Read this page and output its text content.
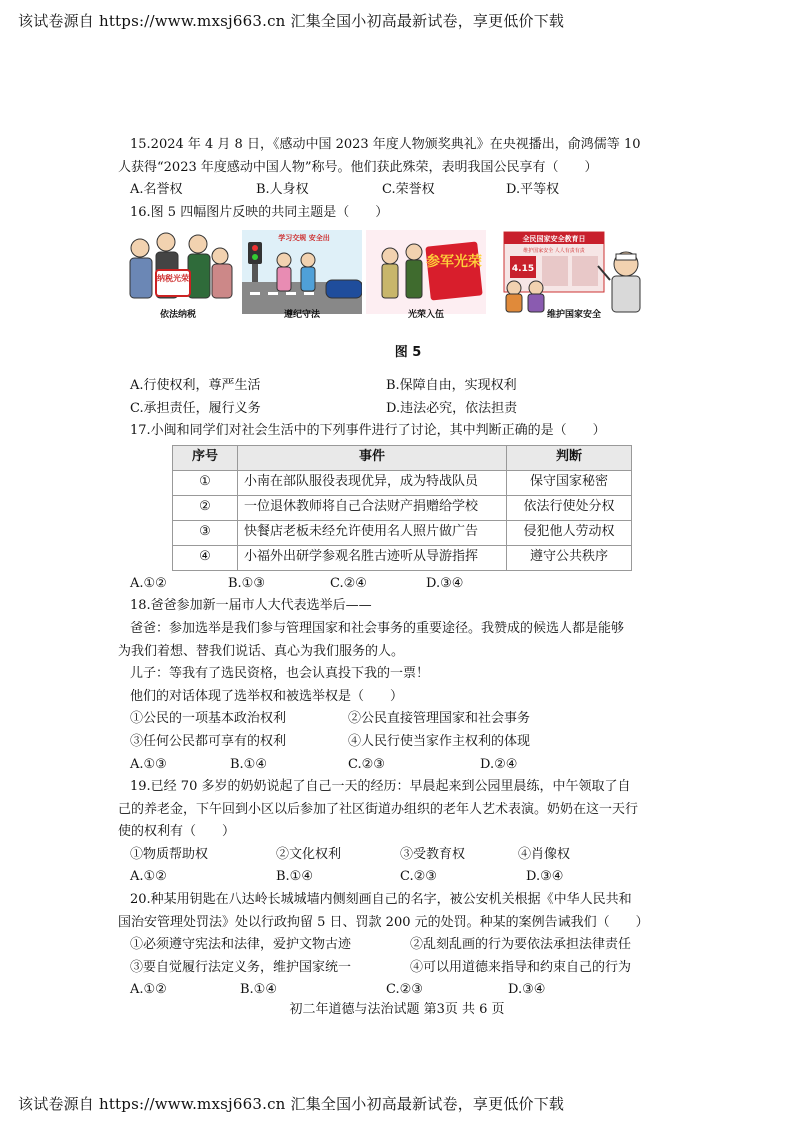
该试卷源自 https://www.mxsj663.cn 汇集全国小初高最新试卷，享更低价下载
15.2024 年 4 月 8 日，《感动中国 2023 年度人物颁奖典礼》在央视播出，俞鸿儒等 10
人获得“2023 年度感动中国人物”称号。他们获此殊荣，表明我国公民享有（　　）
A.名誉权	B.人身权	C.荣誉权	D.平等权
16.图 5 四幅图片反映的共同主题是（　　）
纳税光荣
依法纳税
学习交规 安全出
遵纪守法
参军光荣
光荣入伍
全民国家安全教育日
维护国家安全 人人有责有责
4.15
维护国家安全
图 5
A.行使权利，尊严生活	B.保障自由，实现权利
C.承担责任，履行义务	D.违法必究，依法担责
17.小闽和同学们对社会生活中的下列事件进行了讨论，其中判断正确的是（　　）
序号	事件	判断
①	小南在部队服役表现优异，成为特战队员	保守国家秘密
②	一位退休教师将自己合法财产捐赠给学校	依法行使处分权
③	快餐店老板未经允许使用名人照片做广告	侵犯他人劳动权
④	小福外出研学参观名胜古迹听从导游指挥	遵守公共秩序
A.①②	B.①③	C.②④	D.③④
18.爸爸参加新一届市人大代表选举后——
爸爸：参加选举是我们参与管理国家和社会事务的重要途径。我赞成的候选人都是能够
为我们着想、替我们说话、真心为我们服务的人。
儿子：等我有了选民资格，也会认真投下我的一票！
他们的对话体现了选举权和被选举权是（　　）
①公民的一项基本政治权利	②公民直接管理国家和社会事务
③任何公民都可享有的权利	④人民行使当家作主权利的体现
A.①③	B.①④	C.②③	D.②④
19.已经 70 多岁的奶奶说起了自己一天的经历：早晨起来到公园里晨练，中午领取了自
己的养老金，下午回到小区以后参加了社区街道办组织的老年人艺术表演。奶奶在这一天行
使的权利有（　　）
①物质帮助权	②文化权利	③受教育权	④肖像权
A.①②	B.①④	C.②③	D.③④
20.种某用钥匙在八达岭长城城墙内侧刻画自己的名字，被公安机关根据《中华人民共和
国治安管理处罚法》处以行政拘留 5 日、罚款 200 元的处罚。种某的案例告诫我们（　　）
①必须遵守宪法和法律，爱护文物古迹	②乱刻乱画的行为要依法承担法律责任
③要自觉履行法定义务，维护国家统一	④可以用道德来指导和约束自己的行为
A.①②	B.①④	C.②③	D.③④
初二年道德与法治试题 第3页 共 6 页
该试卷源自 https://www.mxsj663.cn 汇集全国小初高最新试卷，享更低价下载
